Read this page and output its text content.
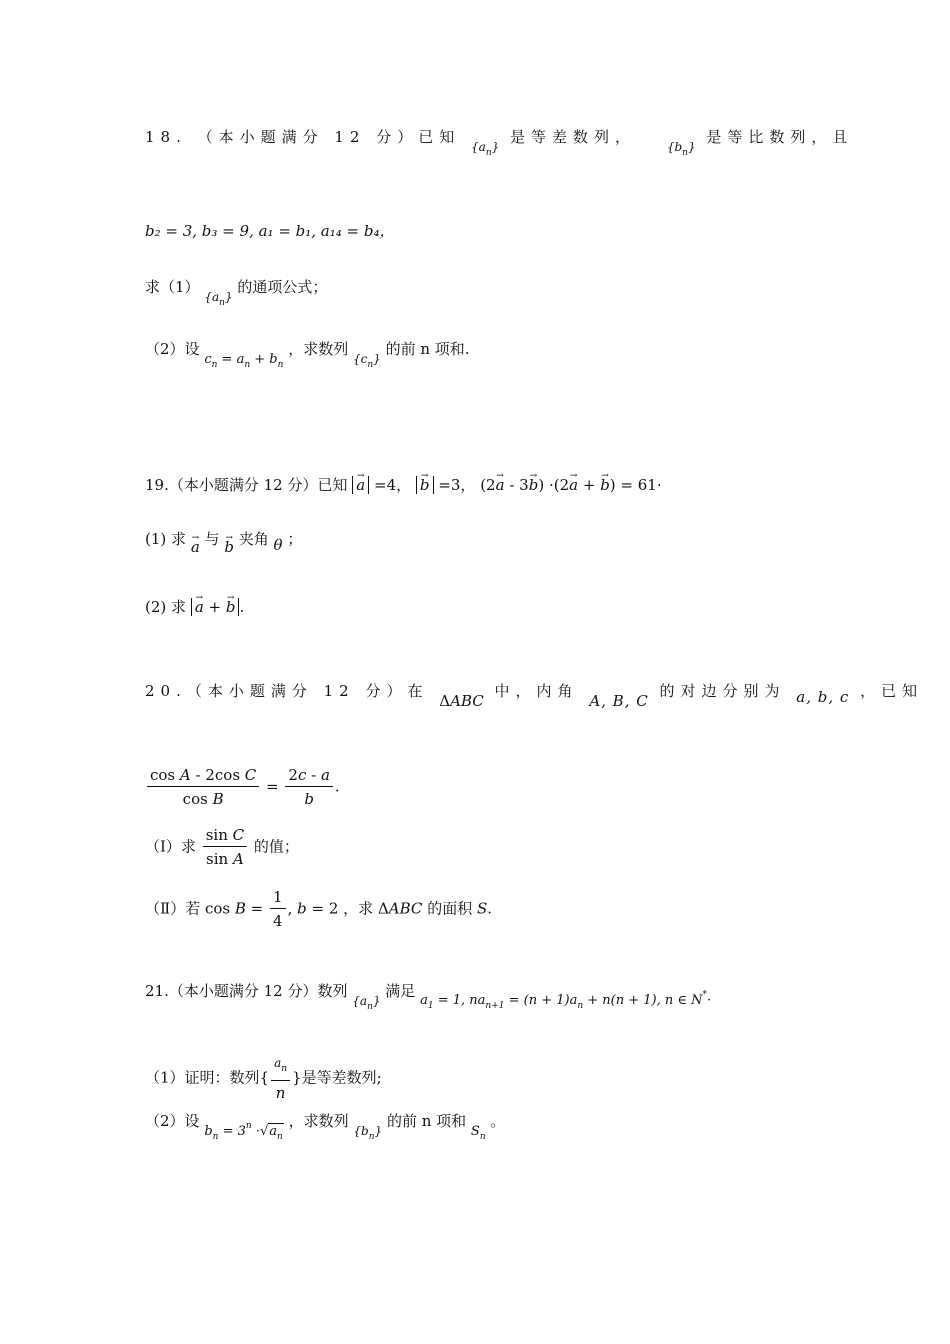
18. （本小题满分 12 分）已知 $_{\{a_n\}}$ 是等差数列， $_{\{b_n\}}$ 是等比数列，且
b₂ = 3, b₃ = 9, a₁ = b₁, a₁₄ = b₄，
求（1） $_{\{a_n\}}$ 的通项公式；
（2）设 $c_n = a_n + b_n$ ，求数列 $_{\{c_n\}}$ 的前 n 项和.
19.（本小题满分 12 分）已知 → a =4， → b =3， (2→ a - 3→ b) ·(2→ a + → b) = 61·
(1) 求 → a 与 → b 夹角 θ ；
(2) 求 → a + → b .
20.（本小题满分 12 分）在 ΔABC 中，内角 A, B, C 的对边分别为 a, b, c ，已知
$\frac{\text{cos A - 2cos C}}{\text{cos B}} = \frac{2c - a}{b}$ .
（Ⅰ）求 $\frac{\text{sin C}}{\text{sin A}}$ 的值；
（Ⅱ）若 $\cos B = \frac{1}{4}$ , b = 2 ，求 ΔABC 的面积 S.
21.（本小题满分 12 分）数列 $_{\{a_n\}}$ 满足 $a_1 = 1$, $na_{n+1} = (n + 1)a_n + n(n + 1)$, n ∈ N*·
（1）证明：数列{ $\frac{a_n}{n}$ }是等差数列;
（2）设 $b_n = 3^n \cdot√a_n$ ，求数列 $_{\{b_n\}}$ 的前 n 项和 $S_n$ 。
